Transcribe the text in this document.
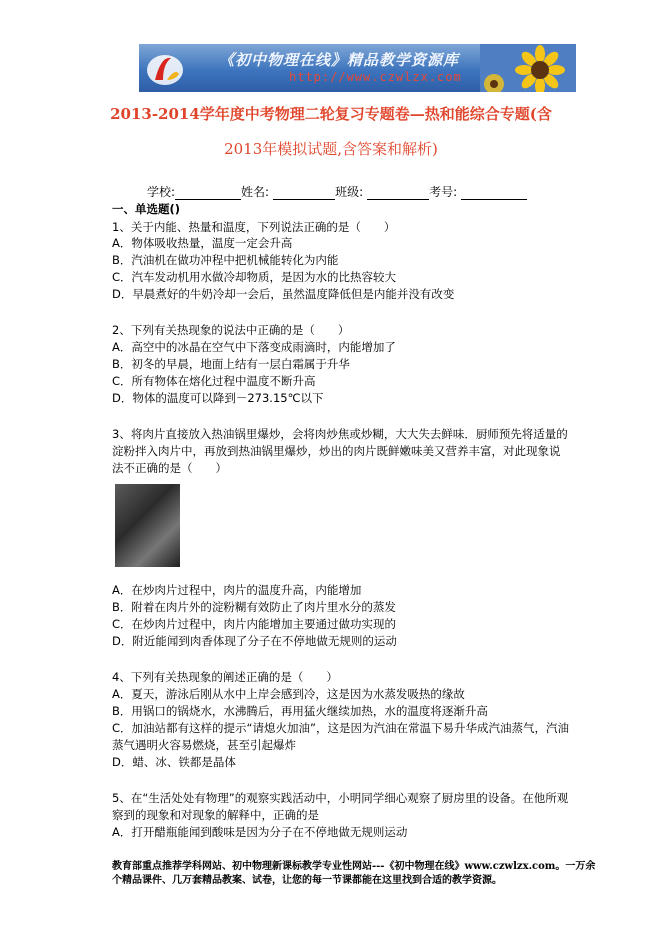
《初中物理在线》精品教学资源库
http://www.czwlzx.com
2013-2014学年度中考物理二轮复习专题卷—热和能综合专题(含
2013年模拟试题,含答案和解析)
学校:	姓名:	班级:	考号:
一、单选题()
1、关于内能、热量和温度，下列说法正确的是（　　）
A．物体吸收热量，温度一定会升高
B．汽油机在做功冲程中把机械能转化为内能
C．汽车发动机用水做冷却物质，是因为水的比热容较大
D．早晨煮好的牛奶冷却一会后，虽然温度降低但是内能并没有改变
2、下列有关热现象的说法中正确的是（　　）
A．高空中的冰晶在空气中下落变成雨滴时，内能增加了
B．初冬的早晨，地面上结有一层白霜属于升华
C．所有物体在熔化过程中温度不断升高
D．物体的温度可以降到－273.15℃以下
3、将肉片直接放入热油锅里爆炒，会将肉炒焦或炒糊，大大失去鲜味．厨师预先将适量的
淀粉拌入肉片中，再放到热油锅里爆炒，炒出的肉片既鲜嫩味美又营养丰富，对此现象说
法不正确的是（　　）
A．在炒肉片过程中，肉片的温度升高，内能增加
B．附着在肉片外的淀粉糊有效防止了肉片里水分的蒸发
C．在炒肉片过程中，肉片内能增加主要通过做功实现的
D．附近能闻到肉香体现了分子在不停地做无规则的运动
4、下列有关热现象的阐述正确的是（　　）
A．夏天，游泳后刚从水中上岸会感到冷，这是因为水蒸发吸热的缘故
B．用锅口的锅烧水，水沸腾后，再用猛火继续加热，水的温度将逐渐升高
C．加油站都有这样的提示“请熄火加油”，这是因为汽油在常温下易升华成汽油蒸气，汽油
蒸气遇明火容易燃烧，甚至引起爆炸
D．蜡、冰、铁都是晶体
5、在“生活处处有物理”的观察实践活动中，小明同学细心观察了厨房里的设备。在他所观
察到的现象和对现象的解释中，正确的是
A．打开醋瓶能闻到酸味是因为分子在不停地做无规则运动
教育部重点推荐学科网站、初中物理新课标教学专业性网站---《初中物理在线》www.czwlzx.com。一万余
个精品课件、几万套精品教案、试卷，让您的每一节课都能在这里找到合适的教学资源。
